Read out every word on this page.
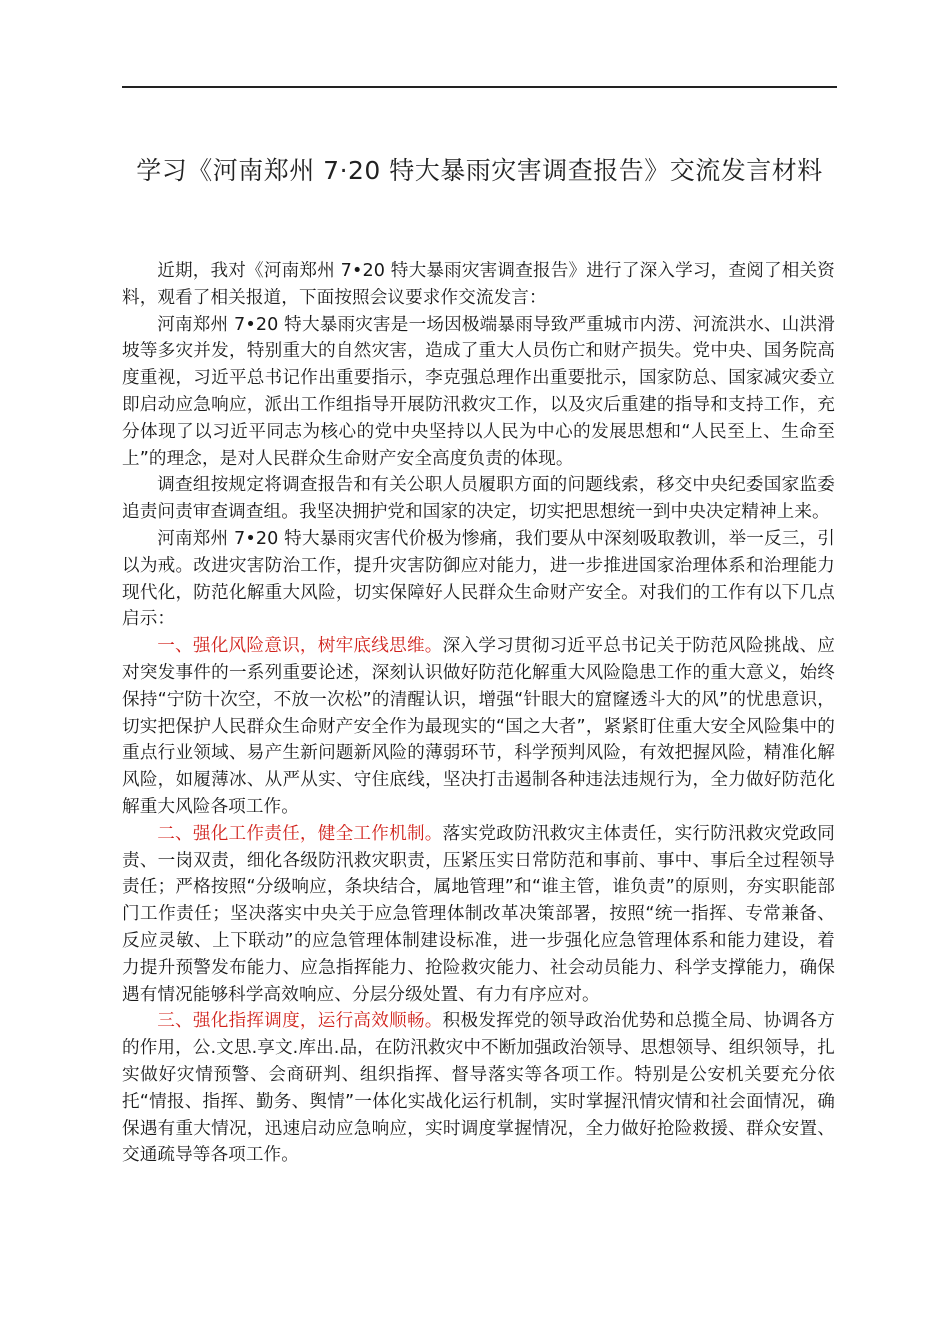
学习《河南郑州 7·20 特大暴雨灾害调查报告》交流发言材料

近期，我对《河南郑州 7•20 特大暴雨灾害调查报告》进行了深入学习，查阅了相关资料，观看了相关报道，下面按照会议要求作交流发言：

河南郑州 7•20 特大暴雨灾害是一场因极端暴雨导致严重城市内涝、河流洪水、山洪滑坡等多灾并发，特别重大的自然灾害，造成了重大人员伤亡和财产损失。党中央、国务院高度重视，习近平总书记作出重要指示，李克强总理作出重要批示，国家防总、国家减灾委立即启动应急响应，派出工作组指导开展防汛救灾工作，以及灾后重建的指导和支持工作，充分体现了以习近平同志为核心的党中央坚持以人民为中心的发展思想和“人民至上、生命至上”的理念，是对人民群众生命财产安全高度负责的体现。

调查组按规定将调查报告和有关公职人员履职方面的问题线索，移交中央纪委国家监委追责问责审查调查组。我坚决拥护党和国家的决定，切实把思想统一到中央决定精神上来。

河南郑州 7•20 特大暴雨灾害代价极为惨痛，我们要从中深刻吸取教训，举一反三，引以为戒。改进灾害防治工作，提升灾害防御应对能力，进一步推进国家治理体系和治理能力现代化，防范化解重大风险，切实保障好人民群众生命财产安全。对我们的工作有以下几点启示：

一、强化风险意识，树牢底线思维。深入学习贯彻习近平总书记关于防范风险挑战、应对突发事件的一系列重要论述，深刻认识做好防范化解重大风险隐患工作的重大意义，始终保持“宁防十次空，不放一次松”的清醒认识，增强“针眼大的窟窿透斗大的风”的忧患意识，切实把保护人民群众生命财产安全作为最现实的“国之大者”，紧紧盯住重大安全风险集中的重点行业领域、易产生新问题新风险的薄弱环节，科学预判风险，有效把握风险，精准化解风险，如履薄冰、从严从实、守住底线，坚决打击遏制各种违法违规行为，全力做好防范化解重大风险各项工作。

二、强化工作责任，健全工作机制。落实党政防汛救灾主体责任，实行防汛救灾党政同责、一岗双责，细化各级防汛救灾职责，压紧压实日常防范和事前、事中、事后全过程领导责任；严格按照“分级响应，条块结合，属地管理”和“谁主管，谁负责”的原则，夯实职能部门工作责任；坚决落实中央关于应急管理体制改革决策部署，按照“统一指挥、专常兼备、反应灵敏、上下联动”的应急管理体制建设标准，进一步强化应急管理体系和能力建设，着力提升预警发布能力、应急指挥能力、抢险救灾能力、社会动员能力、科学支撑能力，确保遇有情况能够科学高效响应、分层分级处置、有力有序应对。

三、强化指挥调度，运行高效顺畅。积极发挥党的领导政治优势和总揽全局、协调各方的作用，公.文思.享文.库出.品，在防汛救灾中不断加强政治领导、思想领导、组织领导，扎实做好灾情预警、会商研判、组织指挥、督导落实等各项工作。特别是公安机关要充分依托“情报、指挥、勤务、舆情”一体化实战化运行机制，实时掌握汛情灾情和社会面情况，确保遇有重大情况，迅速启动应急响应，实时调度掌握情况，全力做好抢险救援、群众安置、交通疏导等各项工作。
